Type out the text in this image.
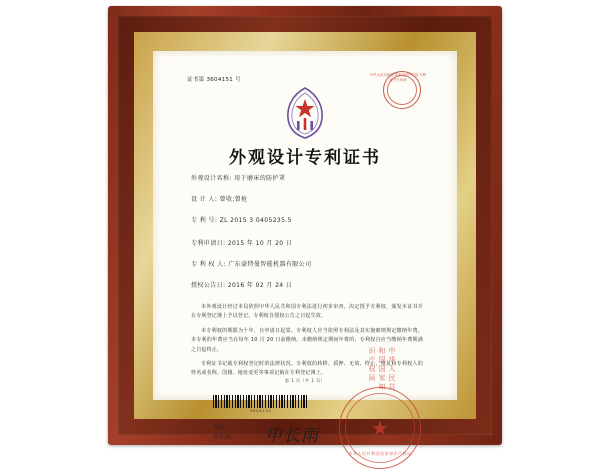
证书第 3604151 号
中华人民共和国 国家知识产权局 专利证书专用章
外观设计专利证书
外观设计名称: 用于磨床的防护罩
设 计 人: 曾收;曾枪
专 利 号: ZL 2015 3 0405235.5
专利申请日: 2015 年 10 月 20 日
专 利 权 人: 广东豪特曼智能机器有限公司
授权公告日: 2016 年 02 月 24 日

本外观设计经过本局依照中华人民共和国专利法进行初步审查，决定授予专利权，颁发本证书并在专利登记簿上予以登记。专利权自授权公告之日起生效。

本专利权的期限为十年，自申请日起算。专利权人应当依照专利法及其实施细则规定缴纳年费。本专利的年费应当在每年 10 月 20 日前缴纳。未缴纳规定期间年费的，专利权自应当缴纳年费期满之日起终止。

专利证书记载专利权登记时的法律状况。专利权的转移、质押、无效、终止、恢复和专利权人的姓名或名称、国籍、地址变更等事项记载在专利登记簿上。

3604151
局长
申长雨 申长雨
中华人民共和国国家知识产权局
★
中华人民共和国国家知识产权局
第 1 页（共 1 页）
